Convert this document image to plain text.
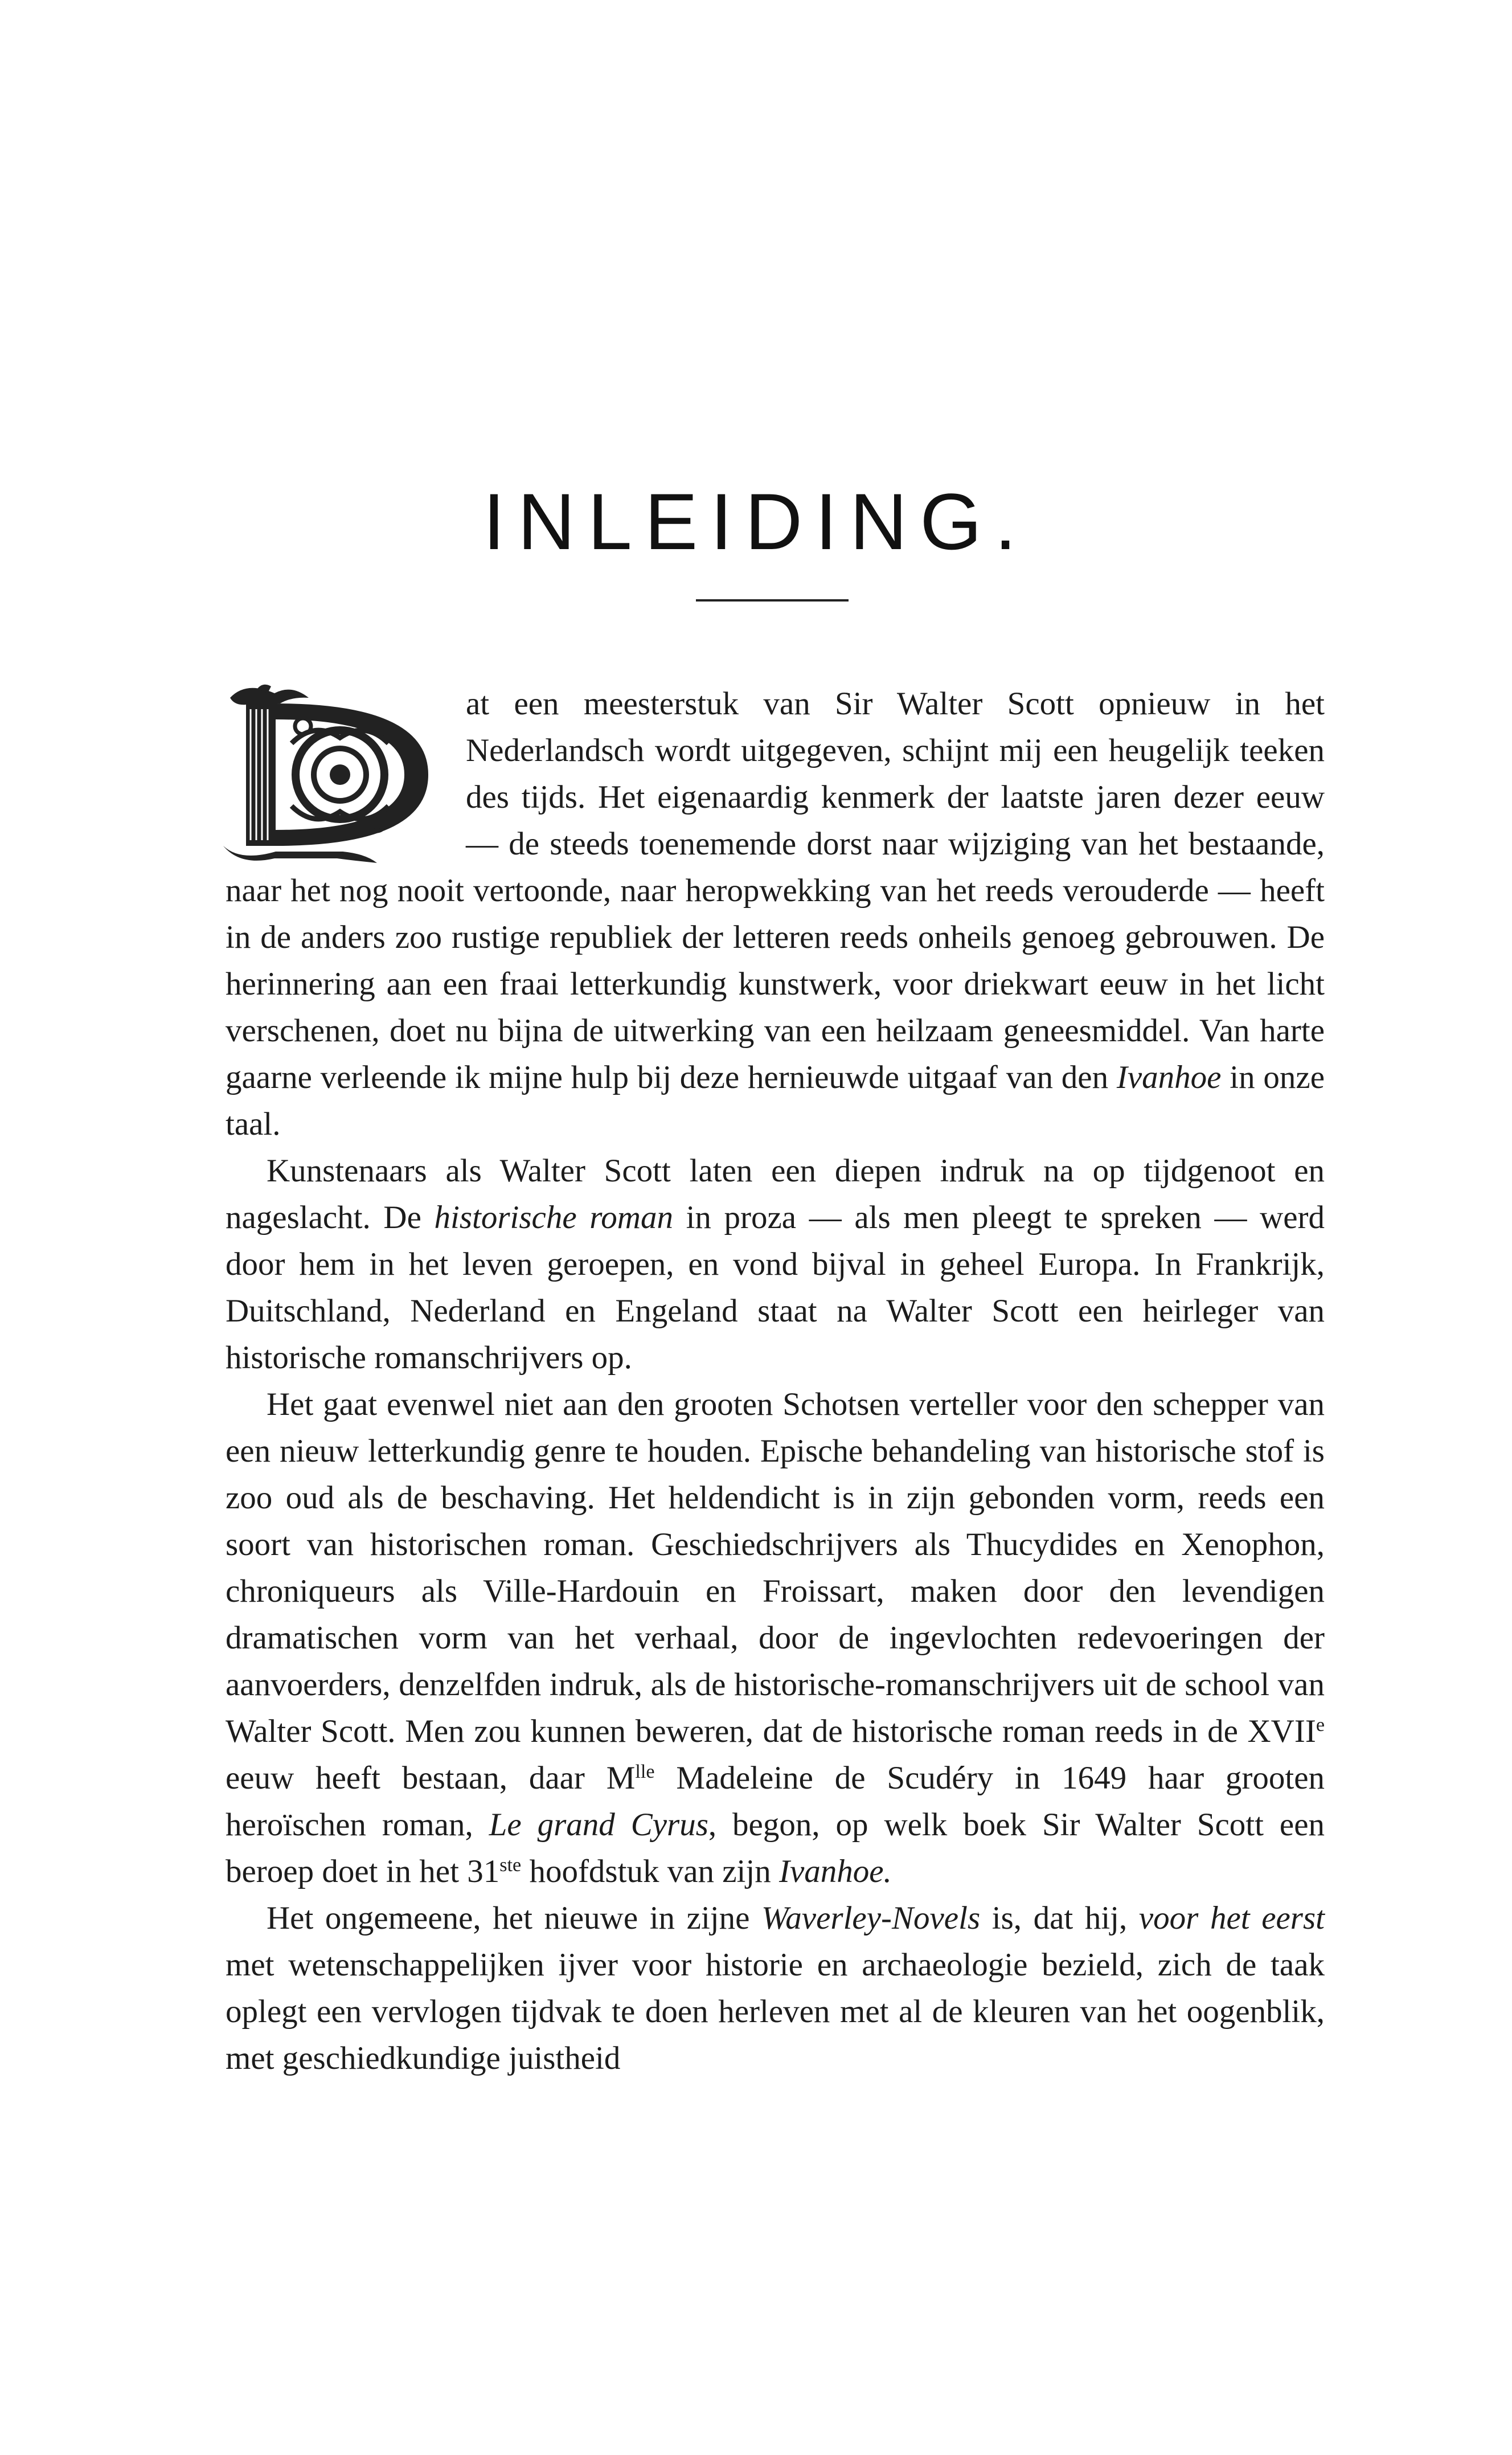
INLEIDING.

at een meesterstuk van Sir Walter Scott opnieuw in het Nederlandsch wordt uitgegeven, schijnt mij een heugelijk teeken des tijds. Het eigenaardig kenmerk der laatste jaren dezer eeuw — de steeds toenemende dorst naar wijziging van het bestaande, naar het nog nooit vertoonde, naar heropwekking van het reeds verouderde — heeft in de anders zoo rustige republiek der letteren reeds onheils genoeg gebrouwen. De herinnering aan een fraai letterkundig kunstwerk, voor driekwart eeuw in het licht verschenen, doet nu bijna de uitwerking van een heilzaam geneesmiddel. Van harte gaarne verleende ik mijne hulp bij deze hernieuwde uitgaaf van den Ivanhoe in onze taal.

Kunstenaars als Walter Scott laten een diepen indruk na op tijdgenoot en nageslacht. De historische roman in proza — als men pleegt te spreken — werd door hem in het leven geroepen, en vond bijval in geheel Europa. In Frankrijk, Duitschland, Nederland en Engeland staat na Walter Scott een heirleger van historische romanschrijvers op.

Het gaat evenwel niet aan den grooten Schotsen verteller voor den schepper van een nieuw letterkundig genre te houden. Epische behandeling van historische stof is zoo oud als de beschaving. Het heldendicht is in zijn gebonden vorm, reeds een soort van historischen roman. Geschiedschrijvers als Thucydides en Xenophon, chroniqueurs als Ville-Hardouin en Froissart, maken door den levendigen dramatischen vorm van het verhaal, door de ingevlochten redevoeringen der aanvoerders, denzelfden indruk, als de historische-romanschrijvers uit de school van Walter Scott. Men zou kunnen beweren, dat de historische roman reeds in de XVIIe eeuw heeft bestaan, daar $M^{lle}$ Madeleine de Scudéry in 1649 haar grooten heroïschen roman, Le grand Cyrus, begon, op welk boek Sir Walter Scott een beroep doet in het 31ste hoofdstuk van zijn Ivanhoe.

Het ongemeene, het nieuwe in zijne Waverley-Novels is, dat hij, voor het eerst met wetenschappelijken ijver voor historie en archaeologie bezield, zich de taak oplegt een vervlogen tijdvak te doen herleven met al de kleuren van het oogenblik, met geschiedkundige juistheid
